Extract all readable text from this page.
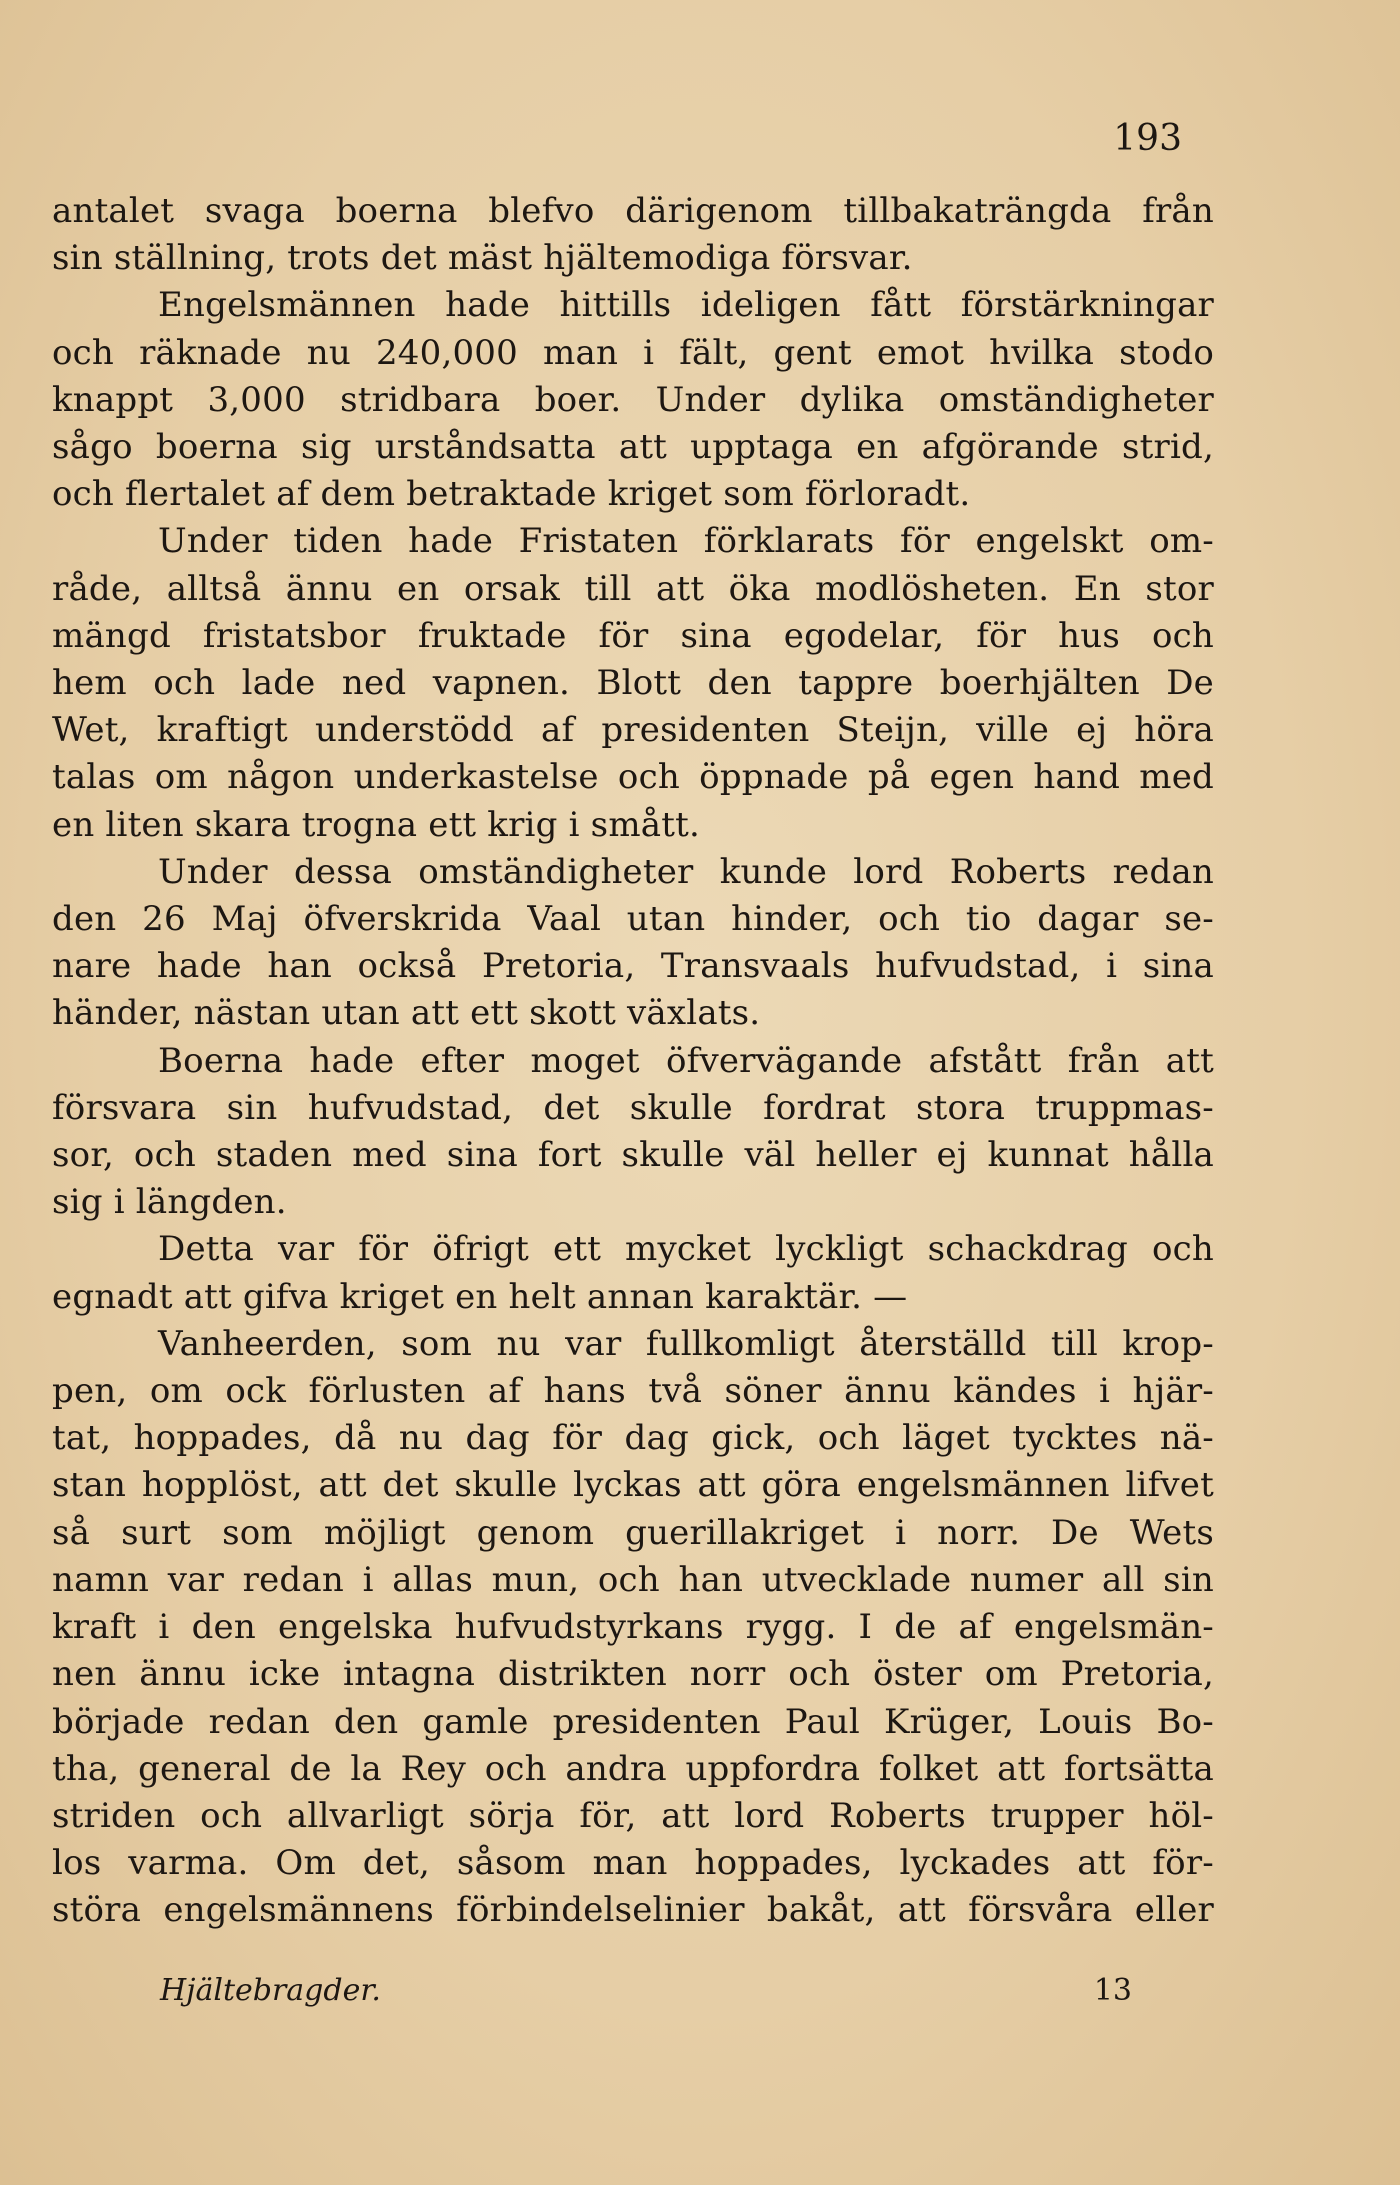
193

antalet svaga boerna blefvo därigenom tillbakaträngda från
sin ställning, trots det mäst hjältemodiga försvar.
Engelsmännen hade hittills ideligen fått förstärkningar
och räknade nu 240,000 man i fält, gent emot hvilka stodo
knappt 3,000 stridbara boer. Under dylika omständigheter
sågo boerna sig urståndsatta att upptaga en afgörande strid,
och flertalet af dem betraktade kriget som förloradt.
Under tiden hade Fristaten förklarats för engelskt om-
råde, alltså ännu en orsak till att öka modlösheten. En stor
mängd fristatsbor fruktade för sina egodelar, för hus och
hem och lade ned vapnen. Blott den tappre boerhjälten De
Wet, kraftigt understödd af presidenten Steijn, ville ej höra
talas om någon underkastelse och öppnade på egen hand med
en liten skara trogna ett krig i smått.
Under dessa omständigheter kunde lord Roberts redan
den 26 Maj öfverskrida Vaal utan hinder, och tio dagar se-
nare hade han också Pretoria, Transvaals hufvudstad, i sina
händer, nästan utan att ett skott växlats.
Boerna hade efter moget öfvervägande afstått från att
försvara sin hufvudstad, det skulle fordrat stora truppmas-
sor, och staden med sina fort skulle väl heller ej kunnat hålla
sig i längden.
Detta var för öfrigt ett mycket lyckligt schackdrag och
egnadt att gifva kriget en helt annan karaktär. —
Vanheerden, som nu var fullkomligt återställd till krop-
pen, om ock förlusten af hans två söner ännu kändes i hjär-
tat, hoppades, då nu dag för dag gick, och läget tycktes nä-
stan hopplöst, att det skulle lyckas att göra engelsmännen lifvet
så surt som möjligt genom guerillakriget i norr. De Wets
namn var redan i allas mun, och han utvecklade numer all sin
kraft i den engelska hufvudstyrkans rygg. I de af engelsmän-
nen ännu icke intagna distrikten norr och öster om Pretoria,
började redan den gamle presidenten Paul Krüger, Louis Bo-
tha, general de la Rey och andra uppfordra folket att fortsätta
striden och allvarligt sörja för, att lord Roberts trupper höl-
los varma. Om det, såsom man hoppades, lyckades att för-
störa engelsmännens förbindelselinier bakåt, att försvåra eller
Hjältebragder.	13
